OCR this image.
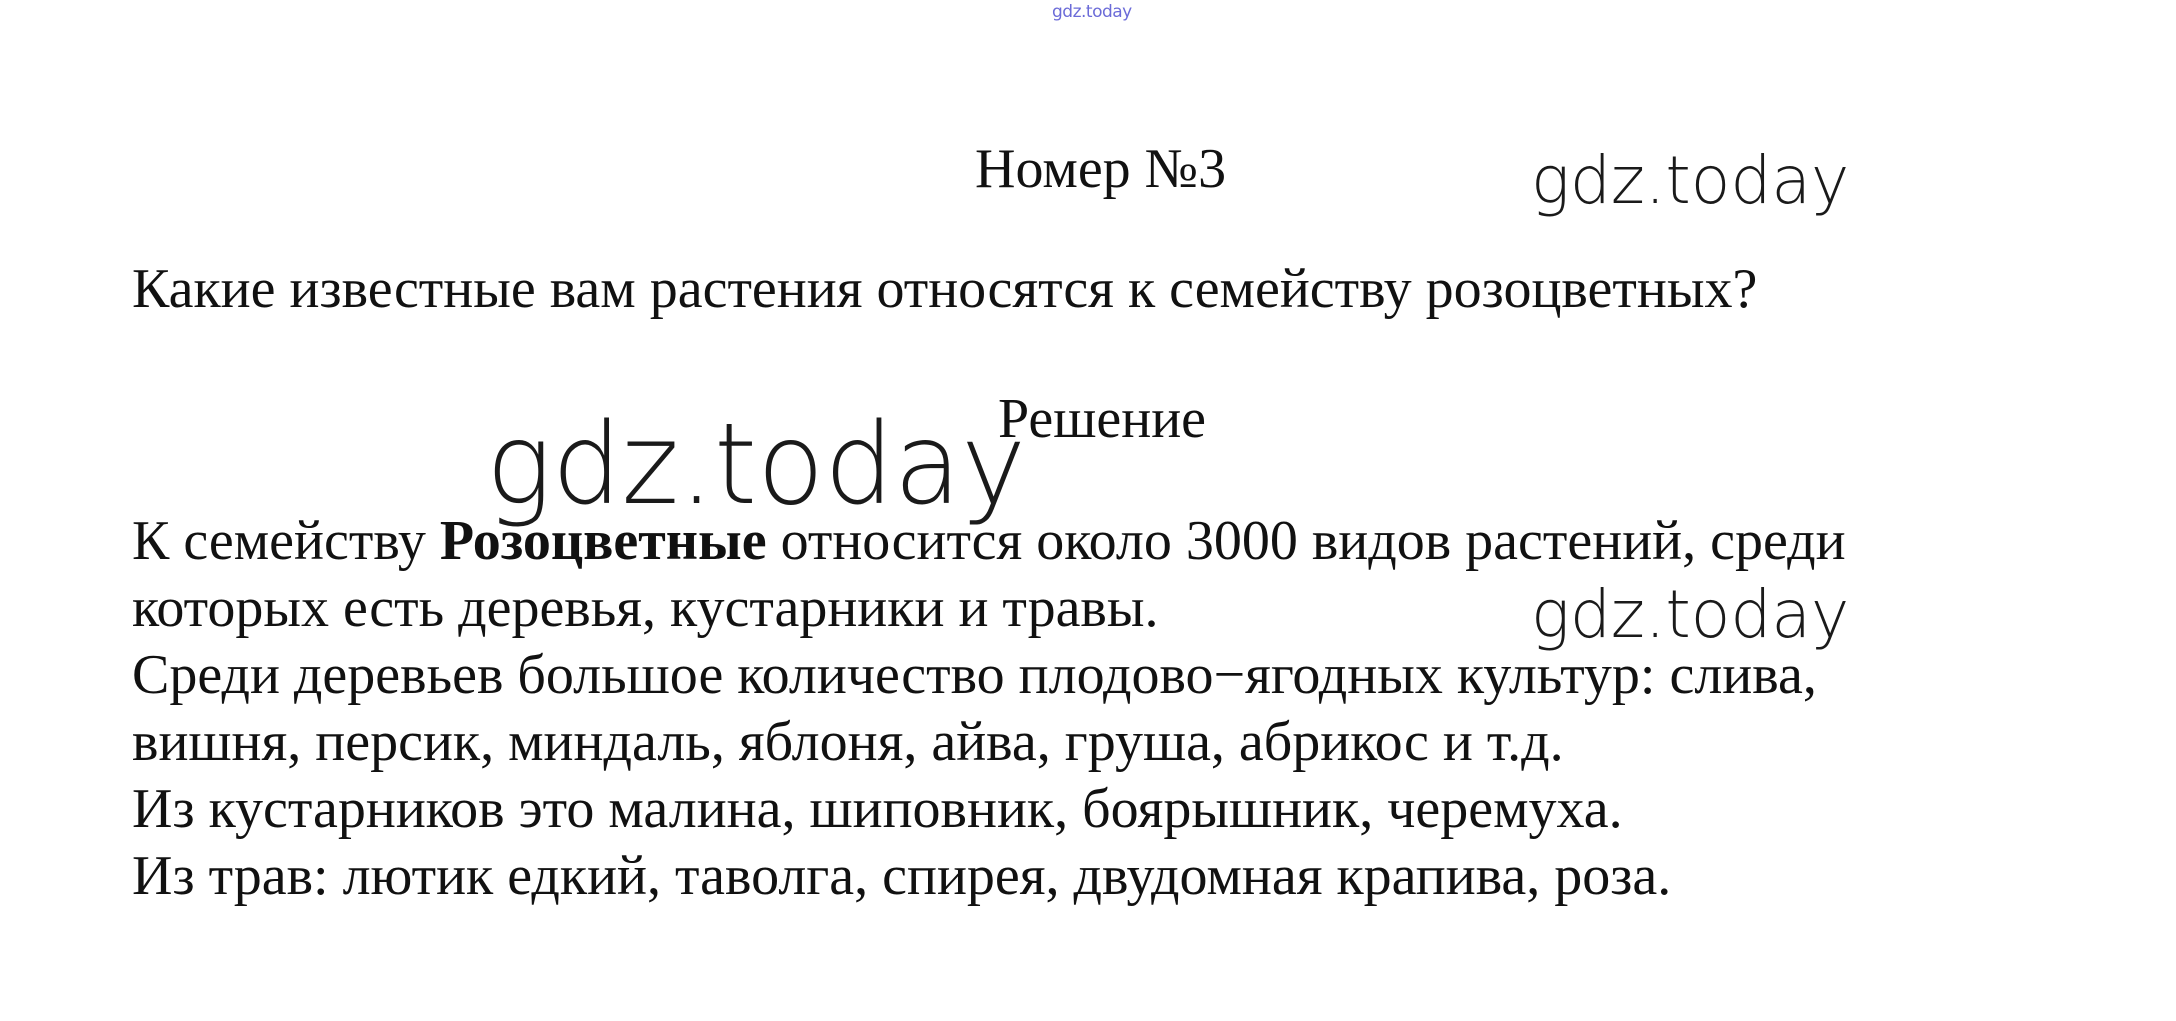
gdz.today
gdz.today
gdz.today
gdz.today
Номер №3
Какие известные вам растения относятся к семейству розоцветных?
Решение
К семейству Розоцветные относится около 3000 видов растений, среди
которых есть деревья, кустарники и травы.
Среди деревьев большое количество плодово−ягодных культур: слива,
вишня, персик, миндаль, яблоня, айва, груша, абрикос и т.д.
Из кустарников это малина, шиповник, боярышник, черемуха.
Из трав: лютик едкий, таволга, спирея, двудомная крапива, роза.
